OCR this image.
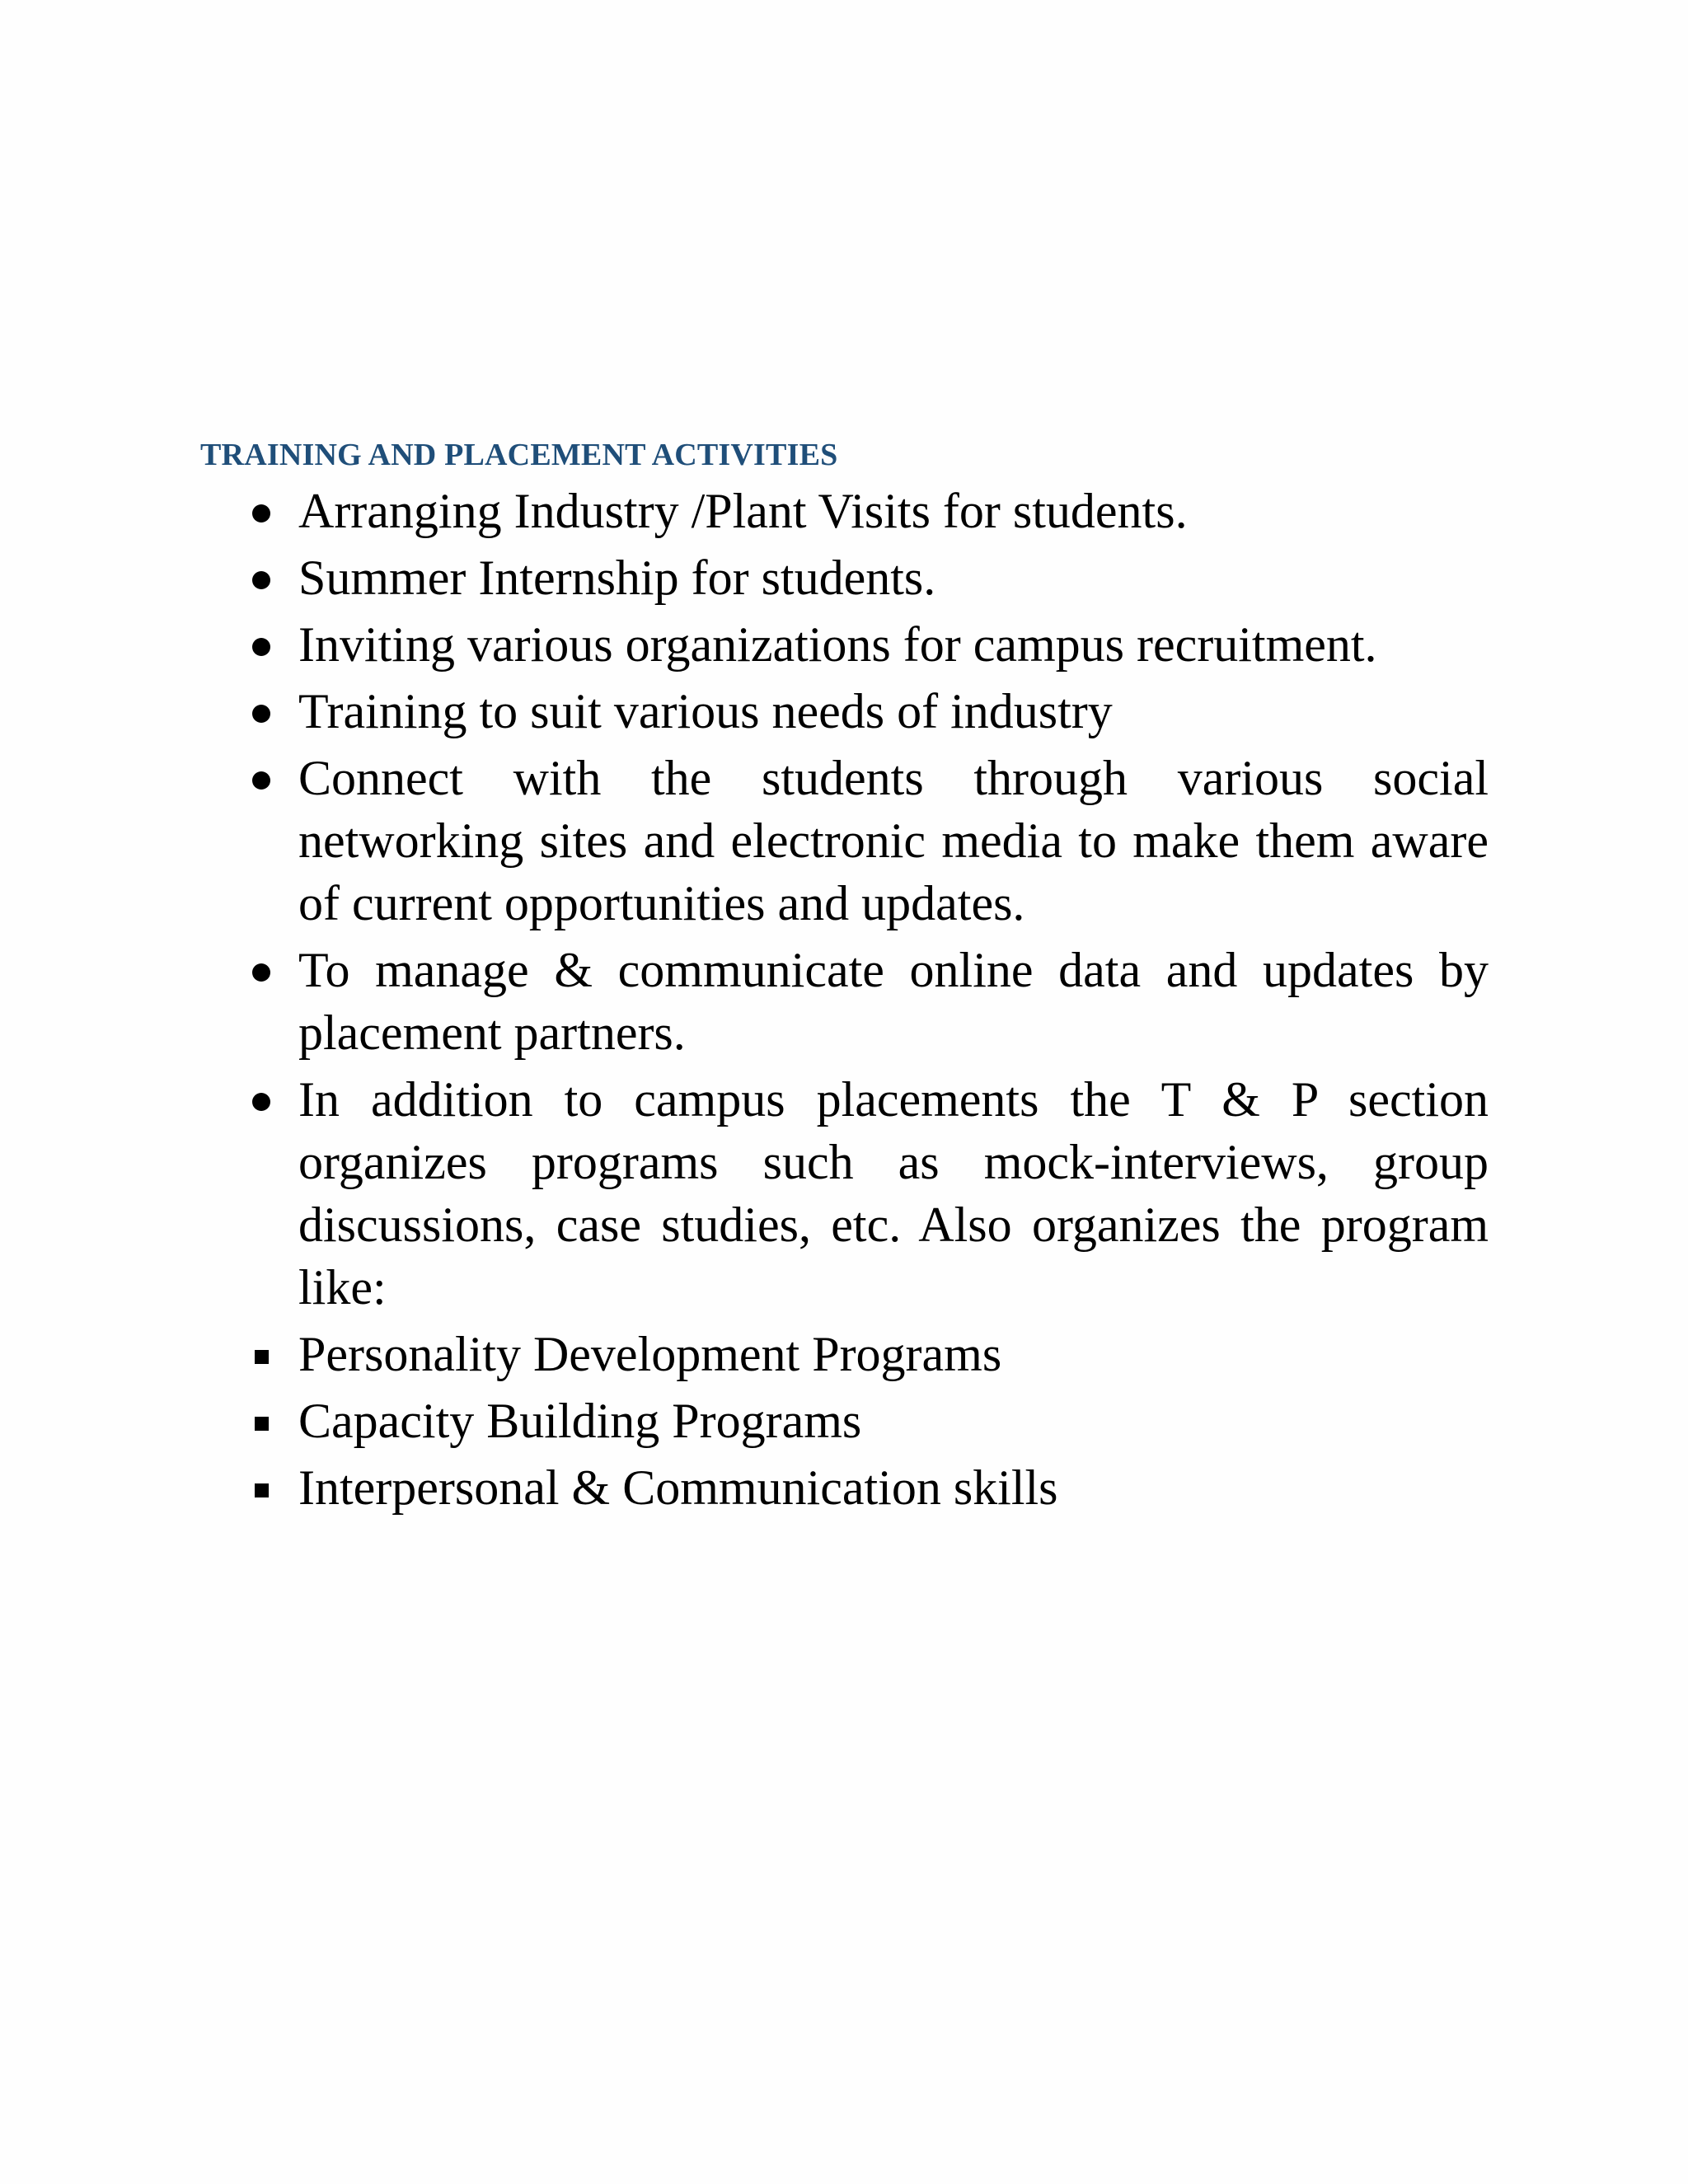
TRAINING AND PLACEMENT ACTIVITIES
Arranging Industry /Plant Visits for students.
Summer Internship for students.
Inviting various organizations for campus recruitment.
Training to suit various needs of industry
Connect with the students through various social networking sites and electronic media to make them aware of current opportunities and updates.
To manage & communicate online data and updates by placement partners.
In addition to campus placements the T & P section organizes programs such as mock-interviews, group discussions, case studies, etc. Also organizes the program like:
Personality Development Programs
Capacity Building Programs
Interpersonal & Communication skills
